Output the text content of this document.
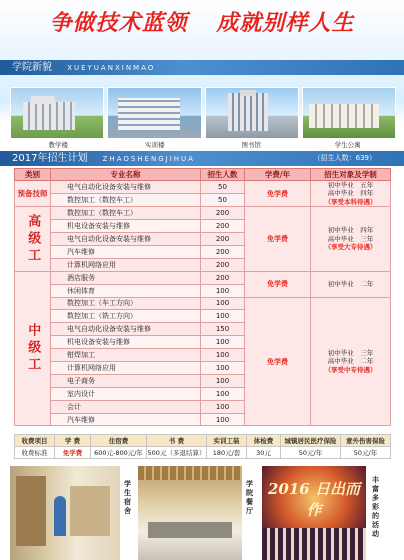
争做技术蓝领 成就别样人生
学院新貌 XUEYUANXINMAO
教学楼	实训楼	图书馆	学生公寓
2017年招生计划 ZHAOSHENGJIHUA	（招生人数：639）
类别	专业名称	招生人数	学费/年	招生对象及学制
预备技师	电气自动化设备安装与维修	50	免学费	初中毕业　五年
高中毕业　四年
（享受本科待遇）

	数控加工（数控车工）	50		
高级工	数控加工（数控车工）	200	免学费	初中毕业　四年
高中毕业　三年
（享受大专待遇）

	机电设备安装与维修	200		
	电气自动化设备安装与维修	200		
	汽车维修	200		
	计算机网络应用	200		
中级工	酒店服务	200	免学费	初中毕业　二年

	休闲体育	100		
	数控加工（车工方向）	100	免学费	初中毕业　三年
高中毕业　二年
（享受中专待遇）

	数控加工（铣工方向）	100		
	电气自动化设备安装与维修	150		
	机电设备安装与维修	100		
	钳焊加工	100		
	计算机网络应用	100		
	电子商务	100		
	室内设计	100		
	会计	100		
	汽车维修	100		
收费项目	学 费	住宿费	书 费	实训工装	体检费	城镇居民医疗保险	意外伤害保险
收费标准	免学费	600元-800元/年	500元（多退结算）	180元/套	30元	50元/年	50元/年
学生宿舍
学院餐厅
2016 日出而作
丰富多彩的活动
